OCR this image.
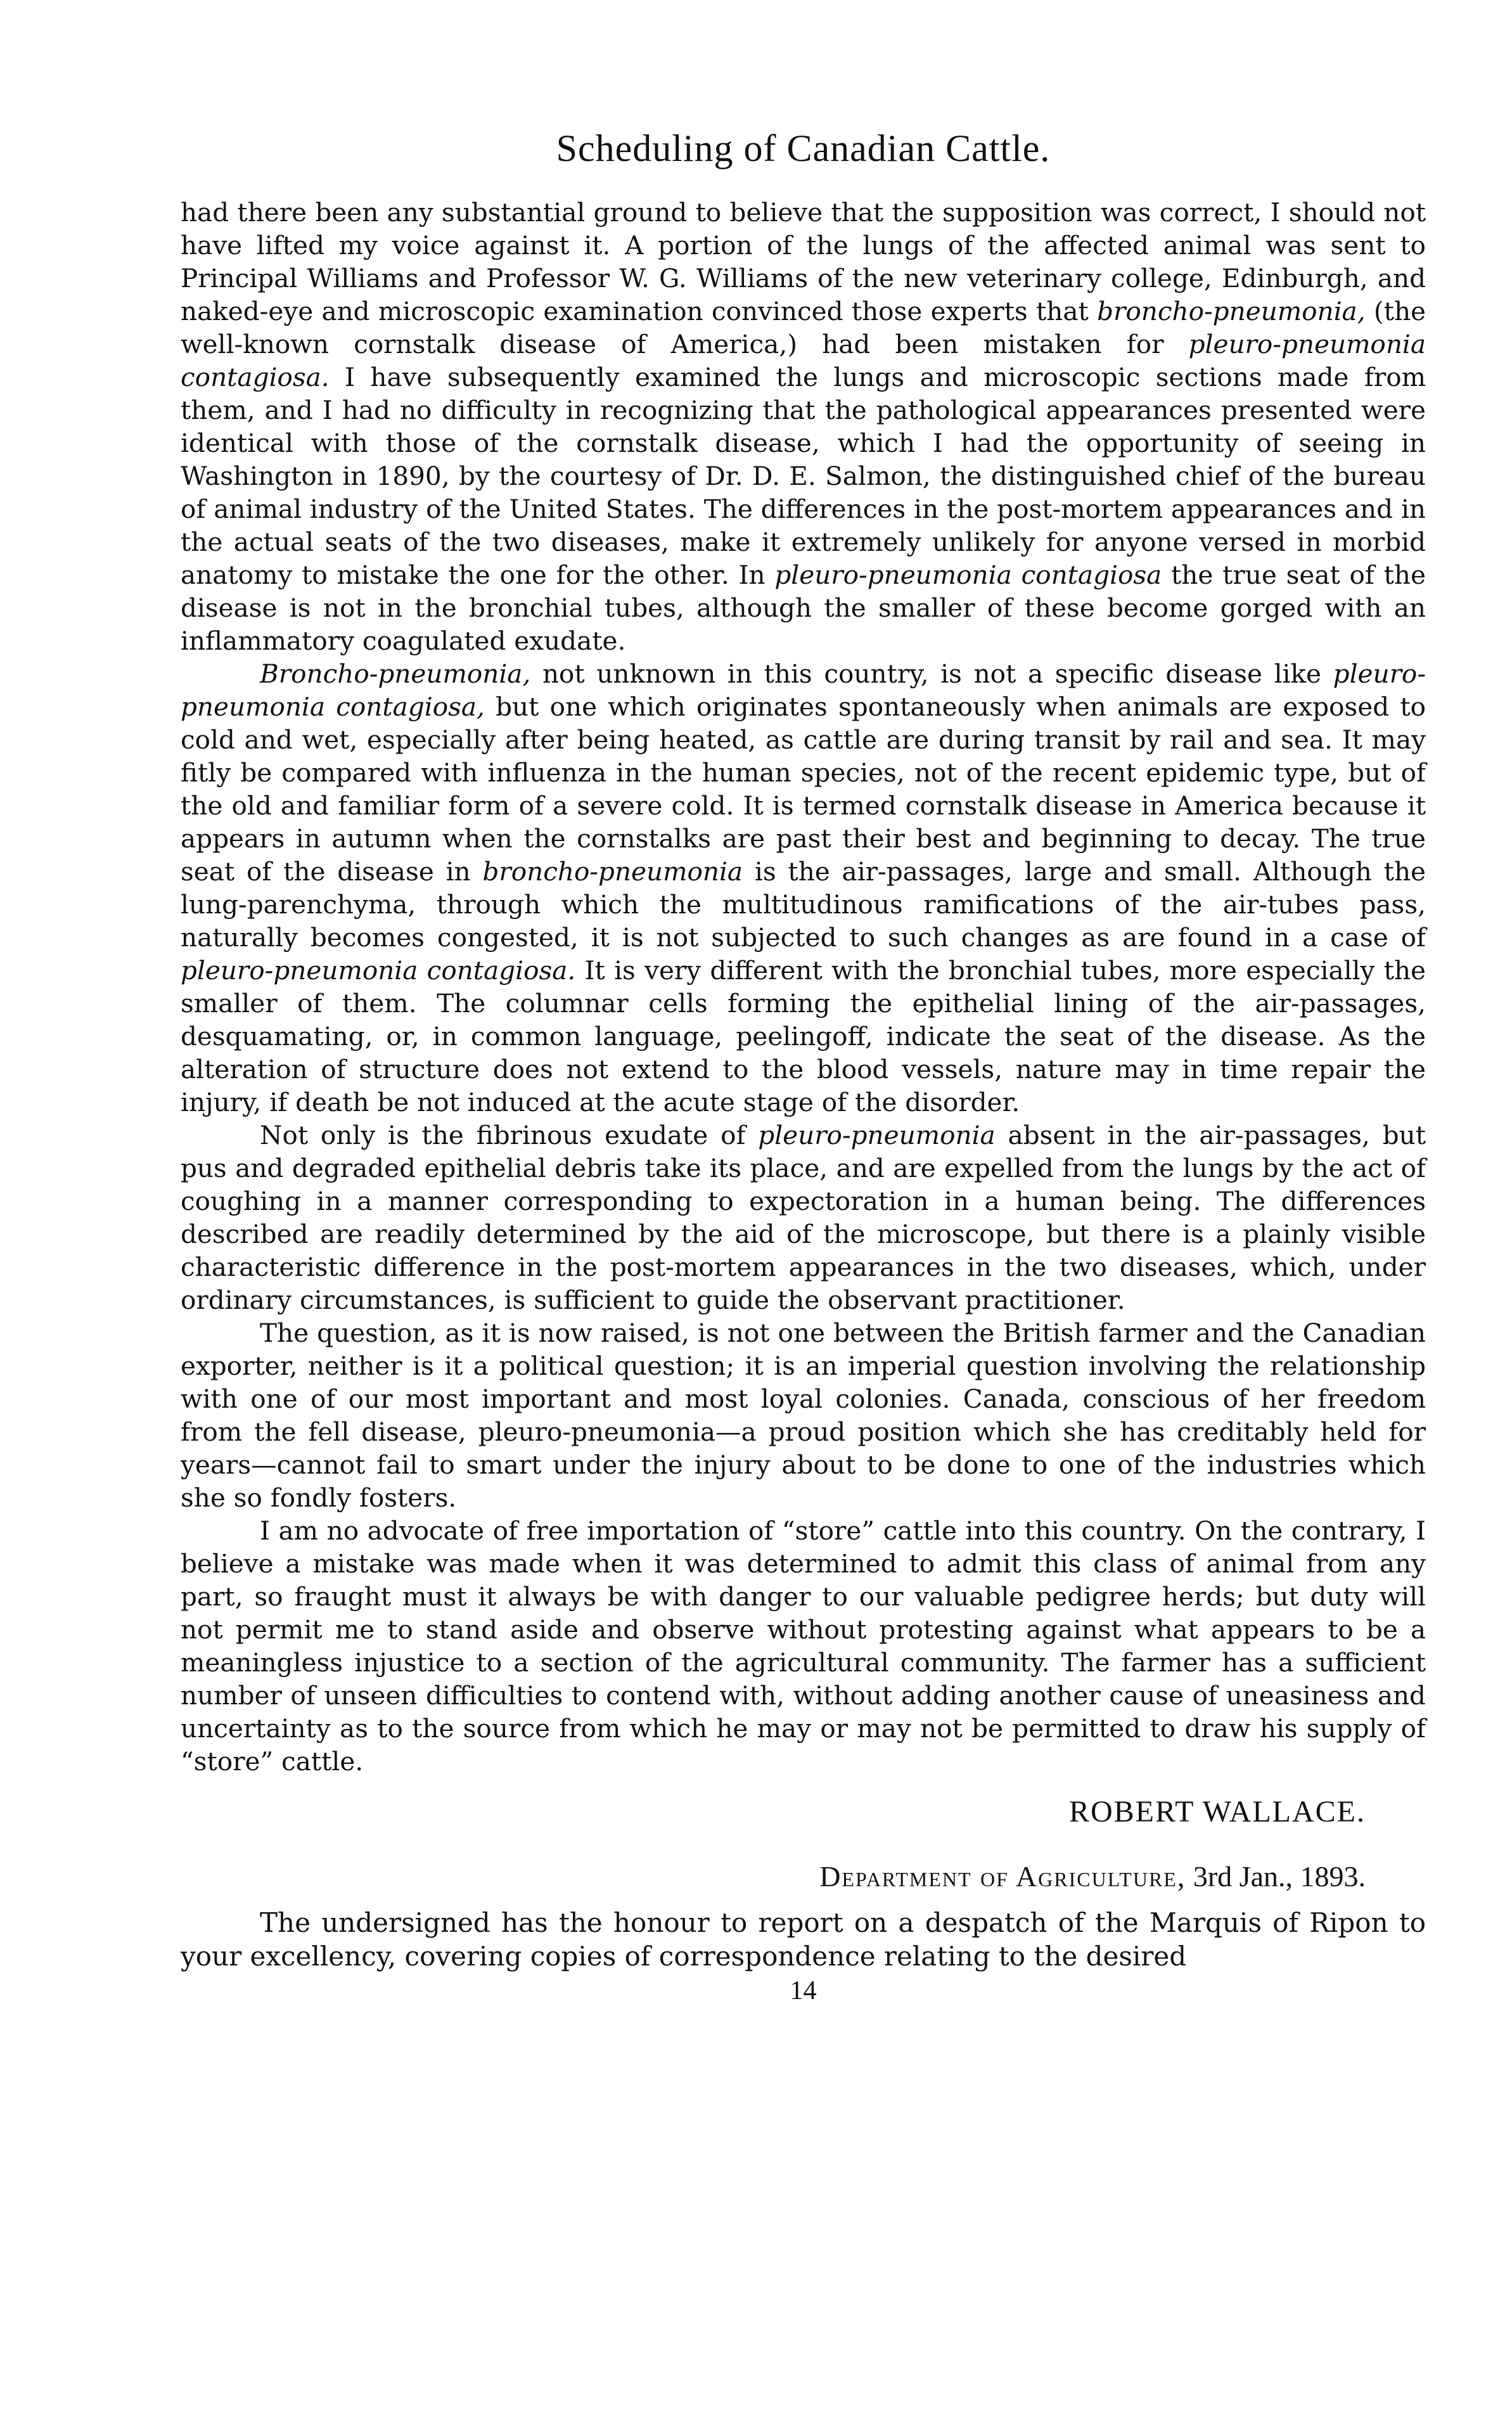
Scheduling of Canadian Cattle.

had there been any substantial ground to believe that the supposition was correct, I should not have lifted my voice against it. A portion of the lungs of the affected animal was sent to Principal Williams and Professor W. G. Williams of the new veterinary college, Edinburgh, and naked-eye and microscopic examination convinced those experts that broncho-pneumonia, (the well-known cornstalk disease of America,) had been mistaken for pleuro-pneumonia contagiosa. I have subsequently examined the lungs and microscopic sections made from them, and I had no difficulty in recognizing that the pathological appearances presented were identical with those of the cornstalk disease, which I had the opportunity of seeing in Washington in 1890, by the courtesy of Dr. D. E. Salmon, the distinguished chief of the bureau of animal industry of the United States. The differences in the post-mortem appearances and in the actual seats of the two diseases, make it extremely unlikely for anyone versed in morbid anatomy to mistake the one for the other. In pleuro-pneumonia contagiosa the true seat of the disease is not in the bronchial tubes, although the smaller of these become gorged with an inflammatory coagulated exudate.

Broncho-pneumonia, not unknown in this country, is not a specific disease like pleuro-pneumonia contagiosa, but one which originates spontaneously when animals are exposed to cold and wet, especially after being heated, as cattle are during transit by rail and sea. It may fitly be compared with influenza in the human species, not of the recent epidemic type, but of the old and familiar form of a severe cold. It is termed cornstalk disease in America because it appears in autumn when the cornstalks are past their best and beginning to decay. The true seat of the disease in broncho-pneumonia is the air-passages, large and small. Although the lung-parenchyma, through which the multitudinous ramifications of the air-tubes pass, naturally becomes congested, it is not subjected to such changes as are found in a case of pleuro-pneumonia contagiosa. It is very different with the bronchial tubes, more especially the smaller of them. The columnar cells forming the epithelial lining of the air-passages, desquamating, or, in common language, peelingoff, indicate the seat of the disease. As the alteration of structure does not extend to the blood vessels, nature may in time repair the injury, if death be not induced at the acute stage of the disorder.

Not only is the fibrinous exudate of pleuro-pneumonia absent in the air-passages, but pus and degraded epithelial debris take its place, and are expelled from the lungs by the act of coughing in a manner corresponding to expectoration in a human being. The differences described are readily determined by the aid of the microscope, but there is a plainly visible characteristic difference in the post-mortem appearances in the two diseases, which, under ordinary circumstances, is sufficient to guide the observant practitioner.

The question, as it is now raised, is not one between the British farmer and the Canadian exporter, neither is it a political question; it is an imperial question involving the relationship with one of our most important and most loyal colonies. Canada, conscious of her freedom from the fell disease, pleuro-pneumonia—a proud position which she has creditably held for years—cannot fail to smart under the injury about to be done to one of the industries which she so fondly fosters.

I am no advocate of free importation of “store” cattle into this country. On the contrary, I believe a mistake was made when it was determined to admit this class of animal from any part, so fraught must it always be with danger to our valuable pedigree herds; but duty will not permit me to stand aside and observe without protesting against what appears to be a meaningless injustice to a section of the agricultural community. The farmer has a sufficient number of unseen difficulties to contend with, without adding another cause of uneasiness and uncertainty as to the source from which he may or may not be permitted to draw his supply of “store” cattle.

ROBERT WALLACE.
Department of Agriculture, 3rd Jan., 1893.

The undersigned has the honour to report on a despatch of the Marquis of Ripon to your excellency, covering copies of correspondence relating to the desired

14
